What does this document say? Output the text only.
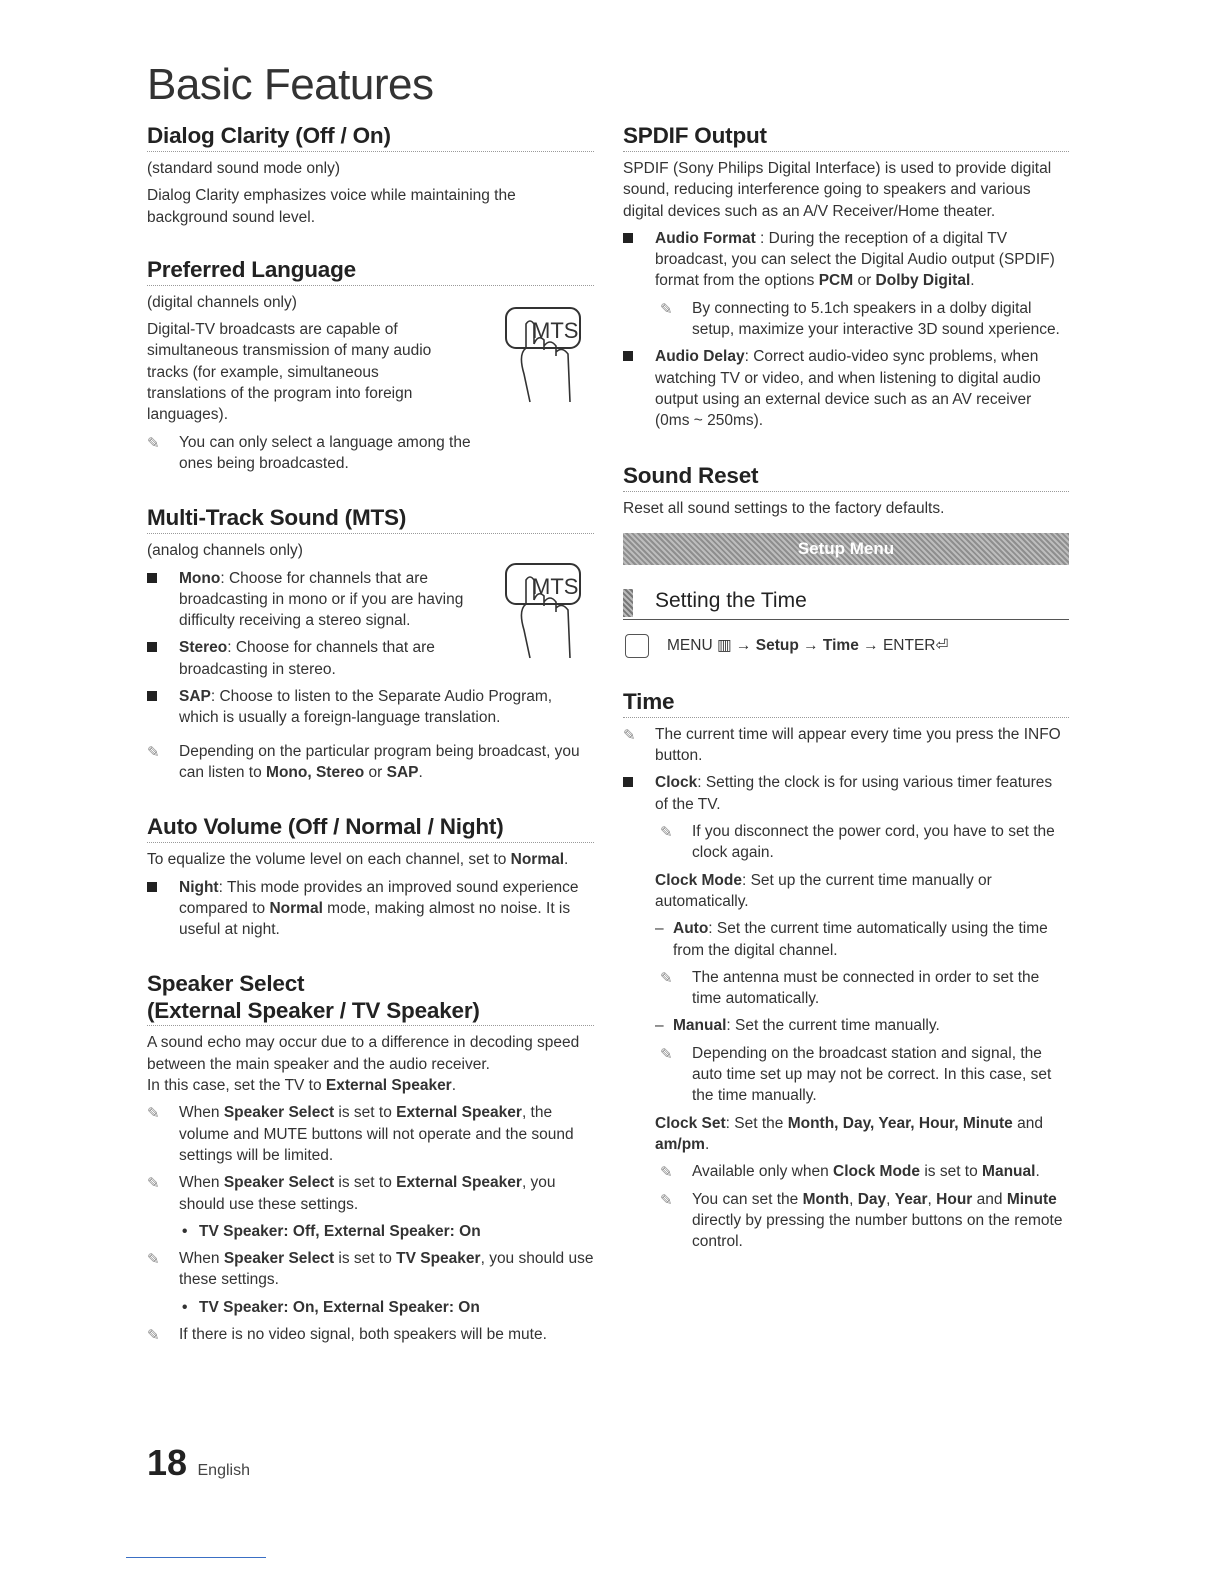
Basic Features
Dialog Clarity (Off / On)

(standard sound mode only)

Dialog Clarity emphasizes voice while maintaining the background sound level.

Preferred Language
MTS

(digital channels only)

Digital-TV broadcasts are capable of simultaneous transmission of many audio tracks (for example, simultaneous translations of the program into foreign languages).

✎ You can only select a language among the ones being broadcasted.
Multi-Track Sound (MTS)
MTS

(analog channels only)

Mono: Choose for channels that are broadcasting in mono or if you are having difficulty receiving a stereo signal.
Stereo: Choose for channels that are broadcasting in stereo.
SAP: Choose to listen to the Separate Audio Program, which is usually a foreign-language translation.
✎ Depending on the particular program being broadcast, you can listen to Mono, Stereo or SAP.
Auto Volume (Off / Normal / Night)

To equalize the volume level on each channel, set to Normal.

Night: This mode provides an improved sound experience compared to Normal mode, making almost no noise. It is useful at night.
Speaker Select
(External Speaker / TV Speaker)

A sound echo may occur due to a difference in decoding speed between the main speaker and the audio receiver.

In this case, set the TV to External Speaker.

✎ When Speaker Select is set to External Speaker, the volume and MUTE buttons will not operate and the sound settings will be limited.
✎ When Speaker Select is set to External Speaker, you should use these settings.
• TV Speaker: Off, External Speaker: On
✎ When Speaker Select is set to TV Speaker, you should use these settings.
• TV Speaker: On, External Speaker: On
✎ If there is no video signal, both speakers will be mute.
SPDIF Output

SPDIF (Sony Philips Digital Interface) is used to provide digital sound, reducing interference going to speakers and various digital devices such as an A/V Receiver/Home theater.

Audio Format : During the reception of a digital TV broadcast, you can select the Digital Audio output (SPDIF) format from the options PCM or Dolby Digital.
✎ By connecting to 5.1ch speakers in a dolby digital setup, maximize your interactive 3D sound xperience.
Audio Delay: Correct audio-video sync problems, when watching TV or video, and when listening to digital audio output using an external device such as an AV receiver (0ms ~ 250ms).
Sound Reset

Reset all sound settings to the factory defaults.

Setup Menu
Setting the Time
MENU ▥ → Setup → Time → ENTER⏎
Time
✎ The current time will appear every time you press the INFO button.
Clock: Setting the clock is for using various timer features of the TV.
✎ If you disconnect the power cord, you have to set the clock again.

Clock Mode: Set up the current time manually or automatically.

– Auto: Set the current time automatically using the time from the digital channel.
✎ The antenna must be connected in order to set the time automatically.
– Manual: Set the current time manually.
✎ Depending on the broadcast station and signal, the auto time set up may not be correct. In this case, set the time manually.

Clock Set: Set the Month, Day, Year, Hour, Minute and am/pm.

✎ Available only when Clock Mode is set to Manual.
✎ You can set the Month, Day, Year, Hour and Minute directly by pressing the number buttons on the remote control.
18 English
